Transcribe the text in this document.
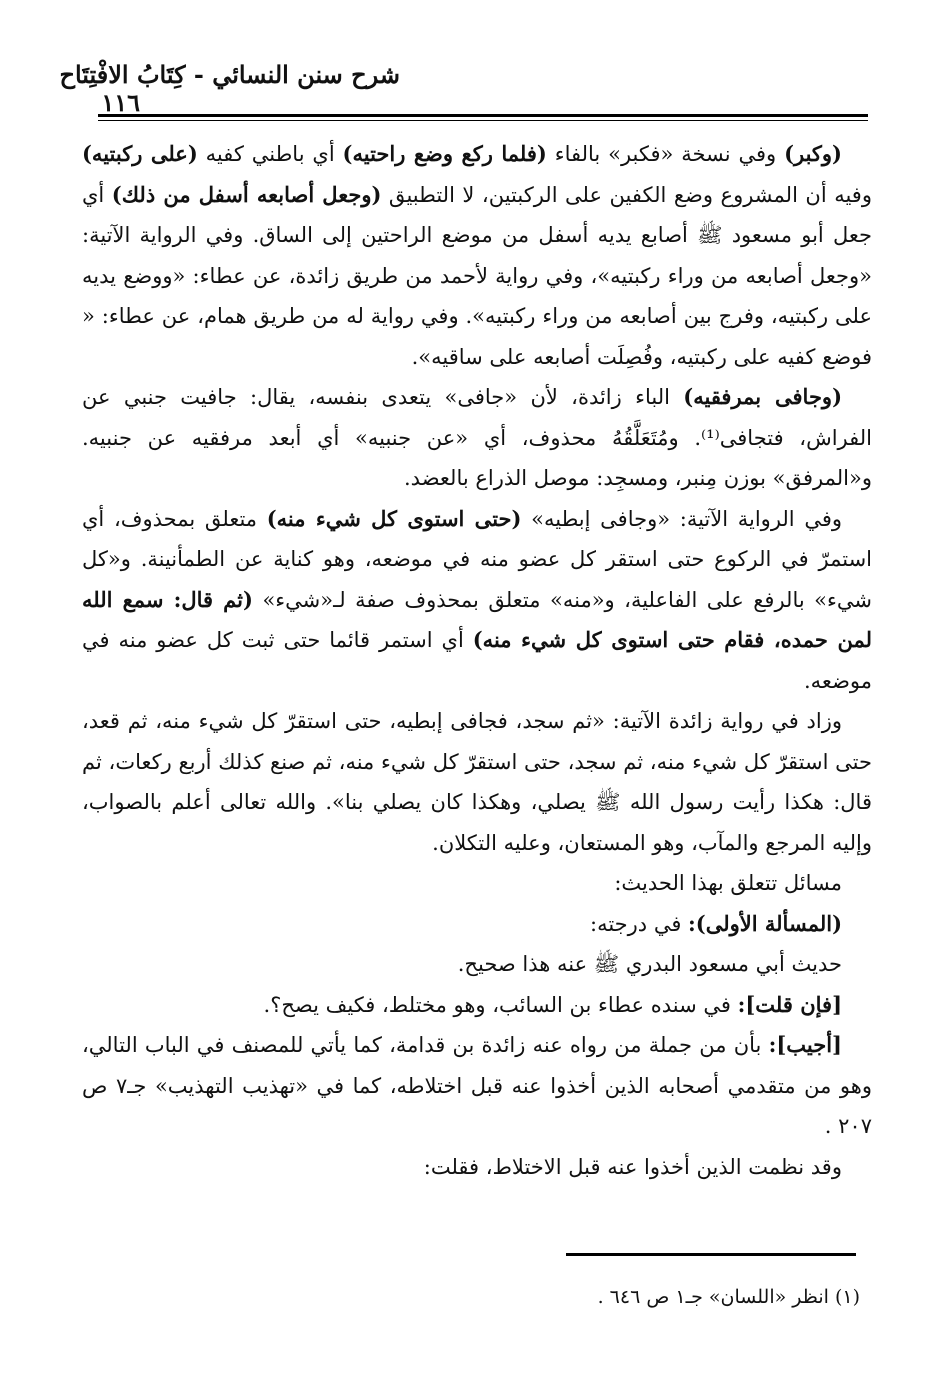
شرح سنن النسائي - كِتَابُ الافْتِتَاح
١١٦

(وكبر) وفي نسخة «فكبر» بالفاء (فلما ركع وضع راحتيه) أي باطني كفيه (على ركبتيه) وفيه أن المشروع وضع الكفين على الركبتين، لا التطبيق (وجعل أصابعه أسفل من ذلك) أي جعل أبو مسعود ﷺ أصابع يديه أسفل من موضع الراحتين إلى الساق. وفي الرواية الآتية: «وجعل أصابعه من وراء ركبتيه»، وفي رواية لأحمد من طريق زائدة، عن عطاء: «ووضع يديه على ركبتيه، وفرج بين أصابعه من وراء ركبتيه». وفي رواية له من طريق همام، عن عطاء: « فوضع كفيه على ركبتيه، وفُصِلَت أصابعه على ساقيه».

(وجافى بمرفقيه) الباء زائدة، لأن «جافى» يتعدى بنفسه، يقال: جافيت جنبي عن الفراش، فتجافى⁽¹⁾. ومُتَعَلَّقُهُ محذوف، أي «عن جنبيه» أي أبعد مرفقيه عن جنبيه. و«المرفق» بوزن مِنبر، ومسجِد: موصل الذراع بالعضد.

وفي الرواية الآتية: «وجافى إبطيه» (حتى استوى كل شيء منه) متعلق بمحذوف، أي استمرّ في الركوع حتى استقر كل عضو منه في موضعه، وهو كناية عن الطمأنينة. و«كل شيء» بالرفع على الفاعلية، و«منه» متعلق بمحذوف صفة لـ«شيء» (ثم قال: سمع الله لمن حمده، فقام حتى استوى كل شيء منه) أي استمر قائما حتى ثبت كل عضو منه في موضعه.

وزاد في رواية زائدة الآتية: «ثم سجد، فجافى إبطيه، حتى استقرّ كل شيء منه، ثم قعد، حتى استقرّ كل شيء منه، ثم سجد، حتى استقرّ كل شيء منه، ثم صنع كذلك أربع ركعات، ثم قال: هكذا رأيت رسول الله ﷺ يصلي، وهكذا كان يصلي بنا». والله تعالى أعلم بالصواب، وإليه المرجع والمآب، وهو المستعان، وعليه التكلان.

مسائل تتعلق بهذا الحديث:

(المسألة الأولى): في درجته:

حديث أبي مسعود البدري ﷺ عنه هذا صحيح.

[فإن قلت]: في سنده عطاء بن السائب، وهو مختلط، فكيف يصح؟.

[أجيب]: بأن من جملة من رواه عنه زائدة بن قدامة، كما يأتي للمصنف في الباب التالي، وهو من متقدمي أصحابه الذين أخذوا عنه قبل اختلاطه، كما في «تهذيب التهذيب» جـ٧ ص ٢٠٧ .

وقد نظمت الذين أخذوا عنه قبل الاختلاط، فقلت:

(١) انظر «اللسان» جـ١ ص ٦٤٦ .
